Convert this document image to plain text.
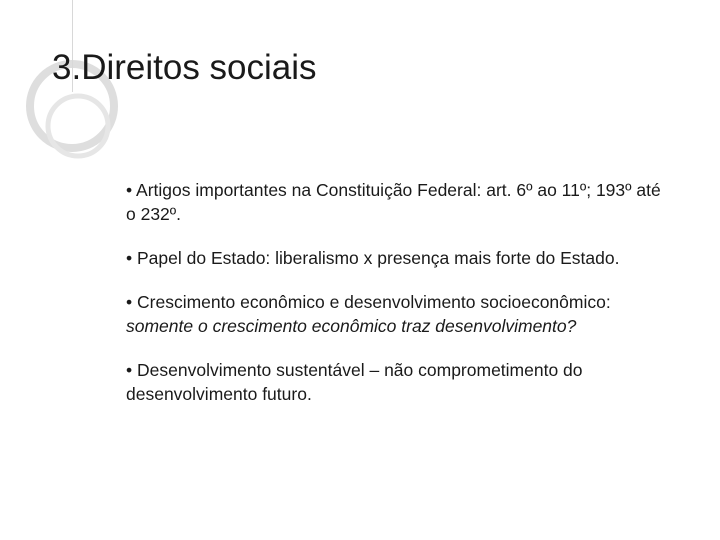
3.Direitos sociais
• Artigos importantes na Constituição Federal: art. 6º ao 11º; 193º até o 232º.
• Papel do Estado: liberalismo x presença mais forte do Estado.
• Crescimento econômico e desenvolvimento socioeconômico: somente o crescimento econômico traz desenvolvimento?
• Desenvolvimento sustentável – não comprometimento do desenvolvimento futuro.
